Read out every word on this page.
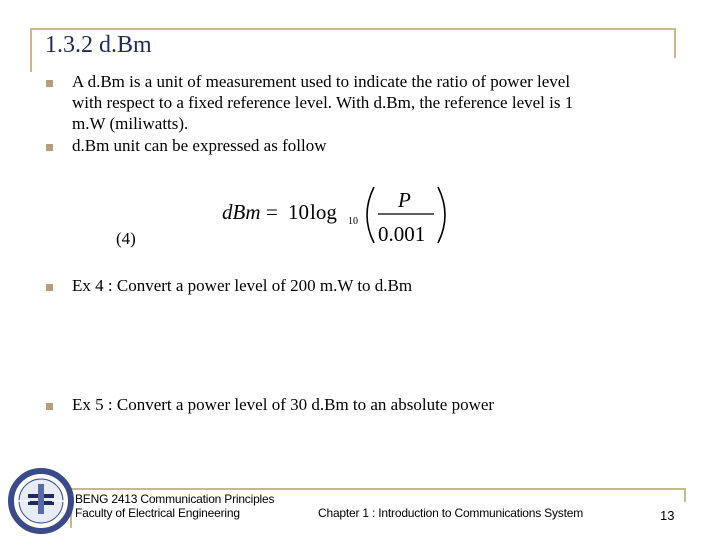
1.3.2 d.Bm
A d.Bm is a unit of measurement used to indicate the ratio of power level
with respect to a fixed reference level. With d.Bm, the reference level is 1
m.W (miliwatts).
d.Bm unit can be expressed as follow
(4)
dBm = 10 log 10
P
0.001
Ex 4 : Convert a power level of 200 m.W to d.Bm
Ex 5 : Convert a power level of 30 d.Bm to an absolute power
BENG 2413 Communication Principles
Faculty of Electrical Engineering	Chapter 1 : Introduction to Communications System	13
